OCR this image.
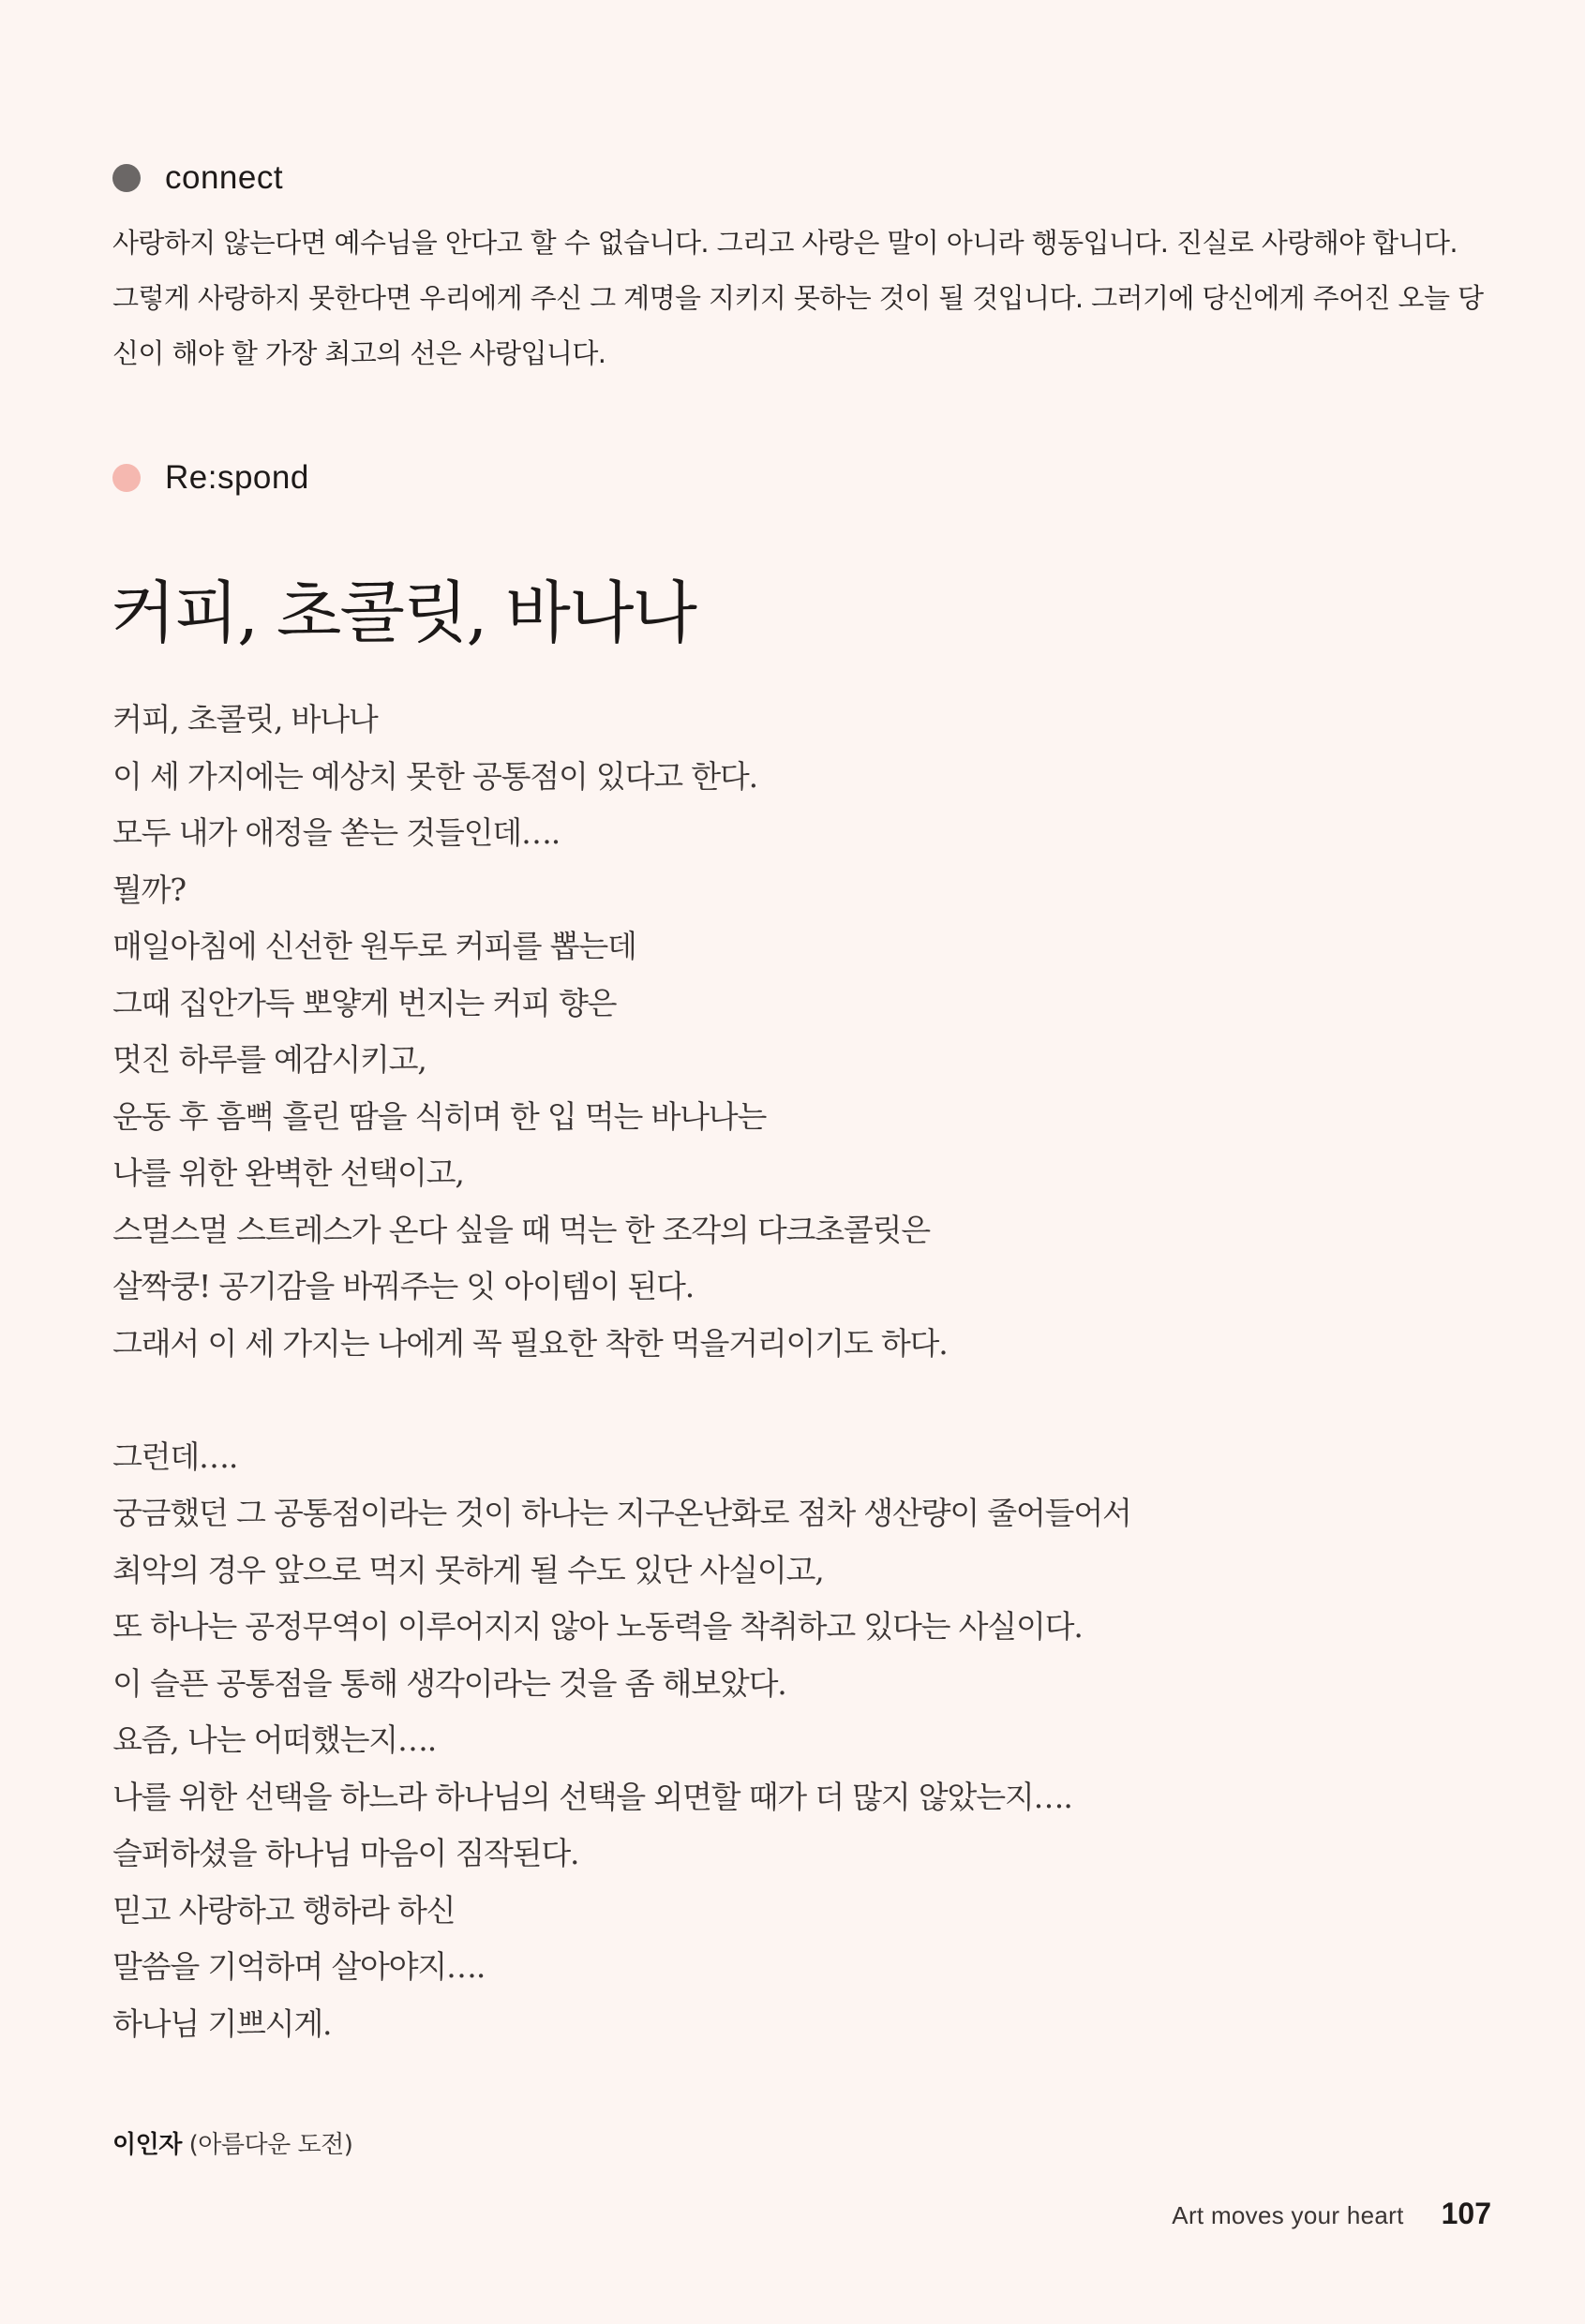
connect

사랑하지 않는다면 예수님을 안다고 할 수 없습니다. 그리고 사랑은 말이 아니라 행동입니다. 진실로 사랑해야 합니다. 그렇게 사랑하지 못한다면 우리에게 주신 그 계명을 지키지 못하는 것이 될 것입니다. 그러기에 당신에게 주어진 오늘 당신이 해야 할 가장 최고의 선은 사랑입니다.

Re:spond
커피, 초콜릿, 바나나
커피, 초콜릿, 바나나
이 세 가지에는 예상치 못한 공통점이 있다고 한다.
모두 내가 애정을 쏟는 것들인데….
뭘까?
매일아침에 신선한 원두로 커피를 뽑는데
그때 집안가득 뽀얗게 번지는 커피 향은
멋진 하루를 예감시키고,
운동 후 흠뻑 흘린 땀을 식히며 한 입 먹는 바나나는
나를 위한 완벽한 선택이고,
스멀스멀 스트레스가 온다 싶을 때 먹는 한 조각의 다크초콜릿은
살짝쿵! 공기감을 바꿔주는 잇 아이템이 된다.
그래서 이 세 가지는 나에게 꼭 필요한 착한 먹을거리이기도 하다.
그런데….
궁금했던 그 공통점이라는 것이 하나는 지구온난화로 점차 생산량이 줄어들어서
최악의 경우 앞으로 먹지 못하게 될 수도 있단 사실이고,
또 하나는 공정무역이 이루어지지 않아 노동력을 착취하고 있다는 사실이다.
이 슬픈 공통점을 통해 생각이라는 것을 좀 해보았다.
요즘, 나는 어떠했는지….
나를 위한 선택을 하느라 하나님의 선택을 외면할 때가 더 많지 않았는지….
슬퍼하셨을 하나님 마음이 짐작된다.
믿고 사랑하고 행하라 하신
말씀을 기억하며 살아야지….
하나님 기쁘시게.
이인자 (아름다운 도전)
Art moves your heart 107
